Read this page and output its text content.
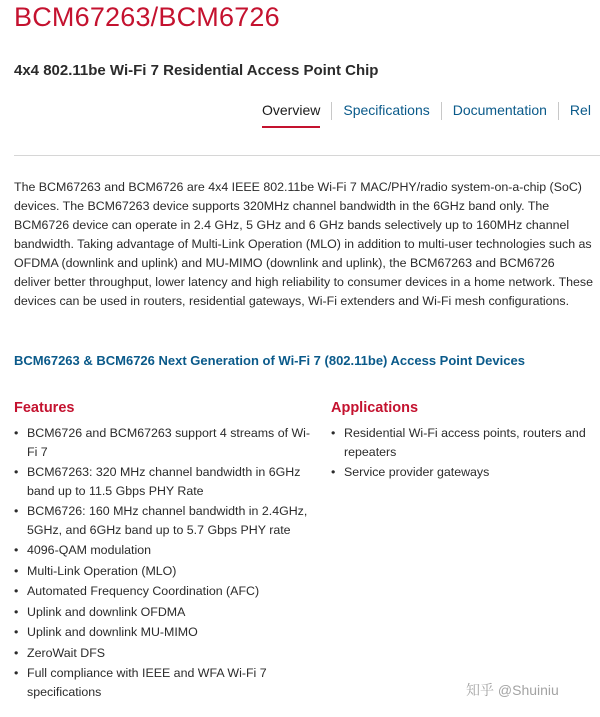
BCM67263/BCM6726
4x4 802.11be Wi-Fi 7 Residential Access Point Chip
Overview Specifications Documentation Rel

The BCM67263 and BCM6726 are 4x4 IEEE 802.11be Wi-Fi 7 MAC/PHY/radio system-on-a-chip (SoC) devices. The BCM67263 device supports 320MHz channel bandwidth in the 6GHz band only. The BCM6726 device can operate in 2.4 GHz, 5 GHz and 6 GHz bands selectively up to 160MHz channel bandwidth. Taking advantage of Multi-Link Operation (MLO) in addition to multi-user technologies such as OFDMA (downlink and uplink) and MU-MIMO (downlink and uplink), the BCM67263 and BCM6726 deliver better throughput, lower latency and high reliability to consumer devices in a home network. These devices can be used in routers, residential gateways, Wi-Fi extenders and Wi-Fi mesh configurations.

BCM67263 & BCM6726 Next Generation of Wi-Fi 7 (802.11be) Access Point Devices
Features
• BCM6726 and BCM67263 support 4 streams of Wi-Fi 7
• BCM67263: 320 MHz channel bandwidth in 6GHz band up to 11.5 Gbps PHY Rate
• BCM6726: 160 MHz channel bandwidth in 2.4GHz, 5GHz, and 6GHz band up to 5.7 Gbps PHY rate
• 4096-QAM modulation
• Multi-Link Operation (MLO)
• Automated Frequency Coordination (AFC)
• Uplink and downlink OFDMA
• Uplink and downlink MU-MIMO
• ZeroWait DFS
• Full compliance with IEEE and WFA Wi-Fi 7 specifications
Applications
• Residential Wi-Fi access points, routers and repeaters
• Service provider gateways
知乎 @Shuiniu
